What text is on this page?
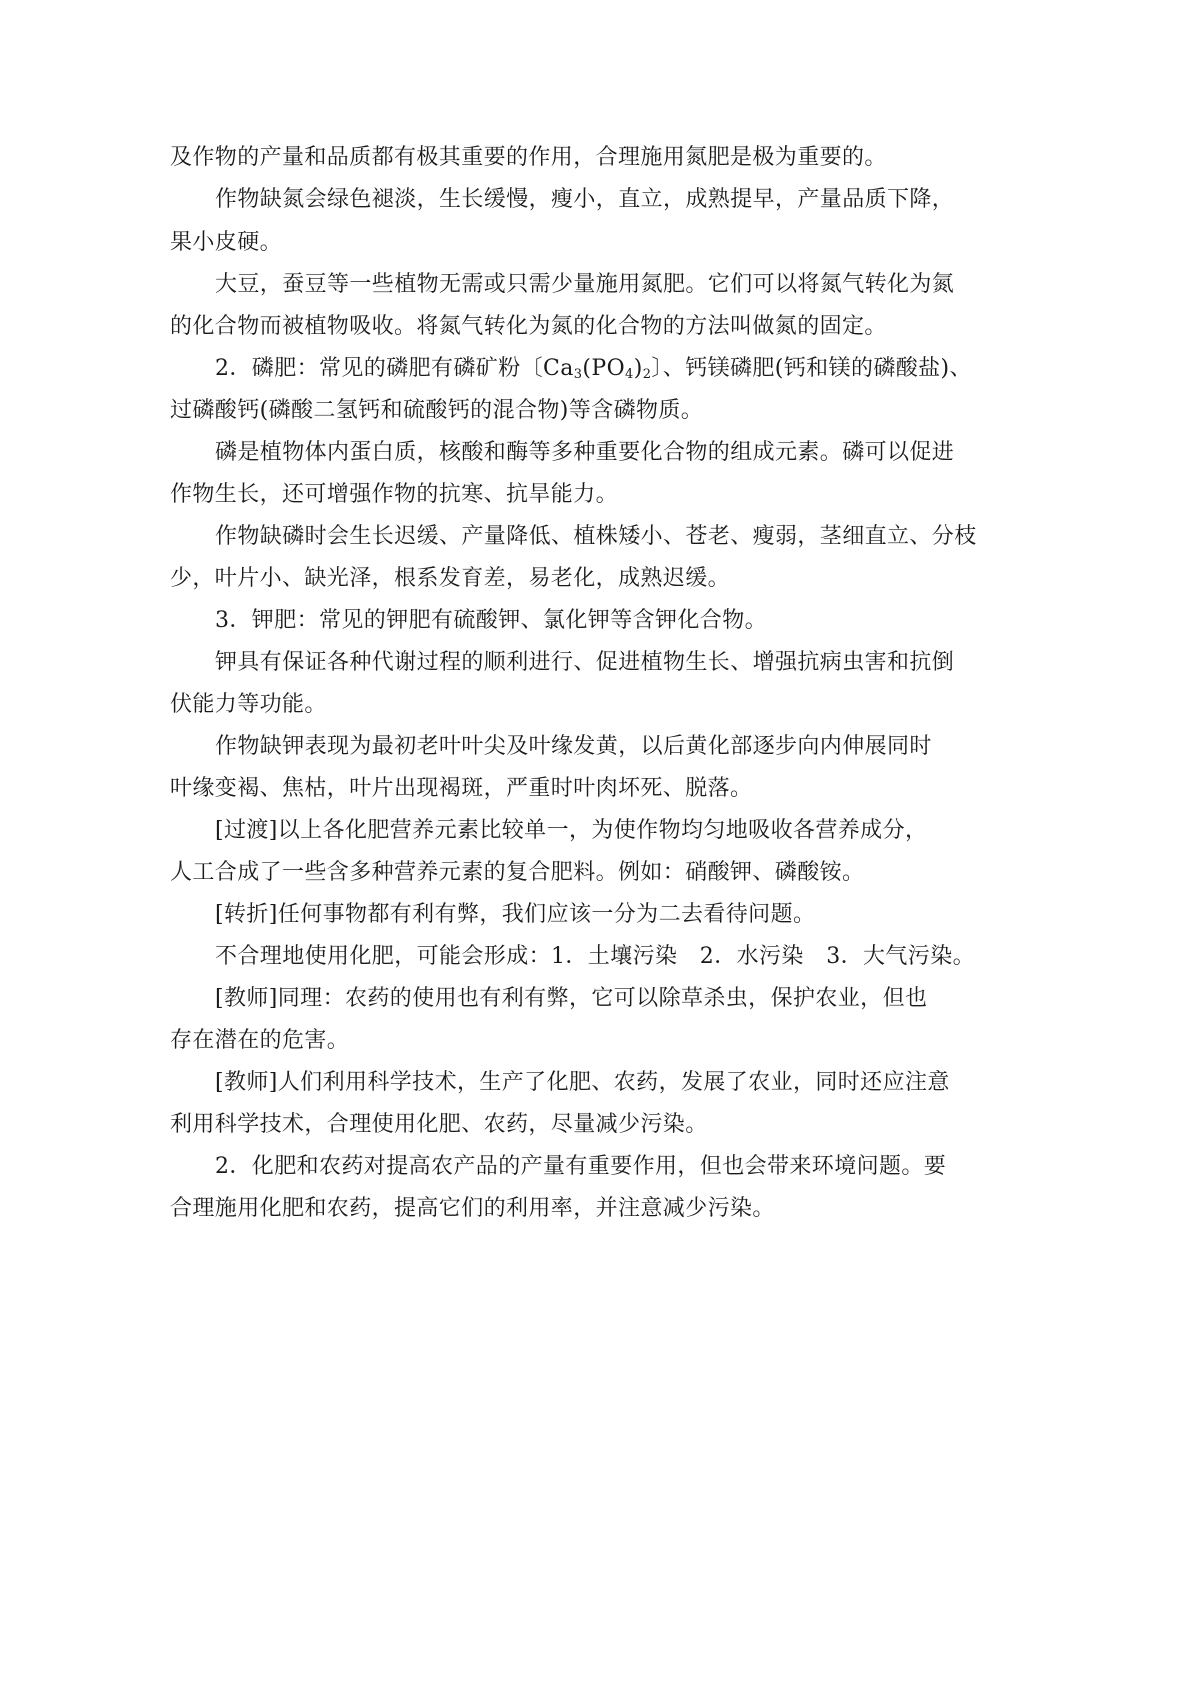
及作物的产量和品质都有极其重要的作用，合理施用氮肥是极为重要的。
作物缺氮会绿色褪淡，生长缓慢，瘦小，直立，成熟提早，产量品质下降，
果小皮硬。
大豆，蚕豆等一些植物无需或只需少量施用氮肥。它们可以将氮气转化为氮
的化合物而被植物吸收。将氮气转化为氮的化合物的方法叫做氮的固定。
2．磷肥：常见的磷肥有磷矿粉〔$Ca_3(PO_4)_2$〕、钙镁磷肥(钙和镁的磷酸盐)、
过磷酸钙(磷酸二氢钙和硫酸钙的混合物)等含磷物质。
磷是植物体内蛋白质，核酸和酶等多种重要化合物的组成元素。磷可以促进
作物生长，还可增强作物的抗寒、抗旱能力。
作物缺磷时会生长迟缓、产量降低、植株矮小、苍老、瘦弱，茎细直立、分枝
少，叶片小、缺光泽，根系发育差，易老化，成熟迟缓。
3．钾肥：常见的钾肥有硫酸钾、氯化钾等含钾化合物。
钾具有保证各种代谢过程的顺利进行、促进植物生长、增强抗病虫害和抗倒
伏能力等功能。
作物缺钾表现为最初老叶叶尖及叶缘发黄，以后黄化部逐步向内伸展同时
叶缘变褐、焦枯，叶片出现褐斑，严重时叶肉坏死、脱落。
[过渡]以上各化肥营养元素比较单一，为使作物均匀地吸收各营养成分，
人工合成了一些含多种营养元素的复合肥料。例如：硝酸钾、磷酸铵。
[转折]任何事物都有利有弊，我们应该一分为二去看待问题。
不合理地使用化肥，可能会形成：1．土壤污染　2．水污染　3．大气污染。
[教师]同理：农药的使用也有利有弊，它可以除草杀虫，保护农业，但也
存在潜在的危害。
[教师]人们利用科学技术，生产了化肥、农药，发展了农业，同时还应注意
利用科学技术，合理使用化肥、农药，尽量减少污染。
2．化肥和农药对提高农产品的产量有重要作用，但也会带来环境问题。要
合理施用化肥和农药，提高它们的利用率，并注意减少污染。
